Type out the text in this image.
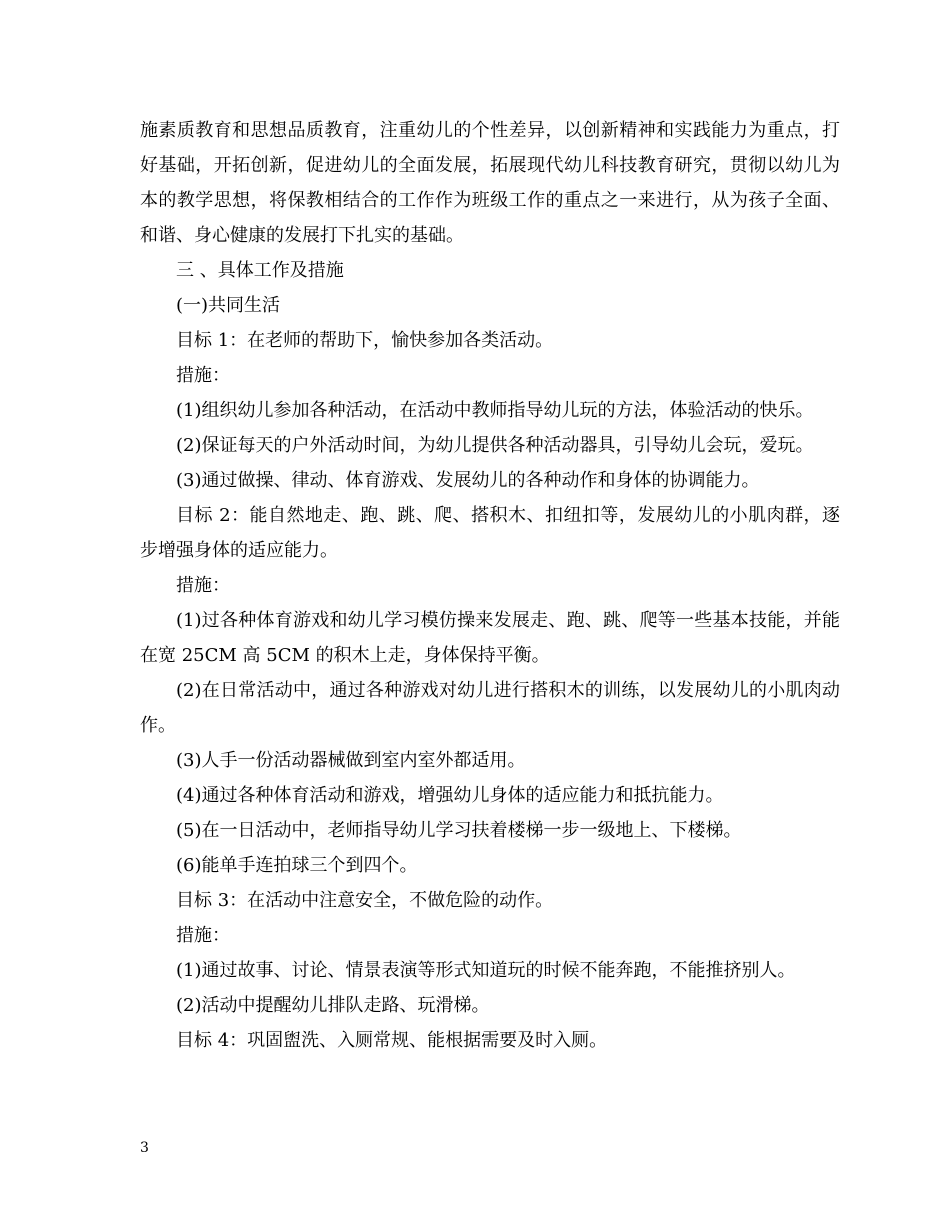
施素质教育和思想品质教育，注重幼儿的个性差异，以创新精神和实践能力为重点，打好基础，开拓创新，促进幼儿的全面发展，拓展现代幼儿科技教育研究，贯彻以幼儿为本的教学思想，将保教相结合的工作作为班级工作的重点之一来进行，从为孩子全面、和谐、身心健康的发展打下扎实的基础。

三 、具体工作及措施

(一)共同生活

目标 1：在老师的帮助下，愉快参加各类活动。

措施：

(1)组织幼儿参加各种活动，在活动中教师指导幼儿玩的方法，体验活动的快乐。

(2)保证每天的户外活动时间，为幼儿提供各种活动器具，引导幼儿会玩，爱玩。

(3)通过做操、律动、体育游戏、发展幼儿的各种动作和身体的协调能力。

目标 2：能自然地走、跑、跳、爬、搭积木、扣纽扣等，发展幼儿的小肌肉群，逐步增强身体的适应能力。

措施：

(1)过各种体育游戏和幼儿学习模仿操来发展走、跑、跳、爬等一些基本技能，并能在宽 25CM 高 5CM 的积木上走，身体保持平衡。

(2)在日常活动中，通过各种游戏对幼儿进行搭积木的训练，以发展幼儿的小肌肉动作。

(3)人手一份活动器械做到室内室外都适用。

(4)通过各种体育活动和游戏，增强幼儿身体的适应能力和抵抗能力。

(5)在一日活动中，老师指导幼儿学习扶着楼梯一步一级地上、下楼梯。

(6)能单手连拍球三个到四个。

目标 3：在活动中注意安全，不做危险的动作。

措施：

(1)通过故事、讨论、情景表演等形式知道玩的时候不能奔跑，不能推挤别人。

(2)活动中提醒幼儿排队走路、玩滑梯。

目标 4：巩固盥洗、入厕常规、能根据需要及时入厕。

3
